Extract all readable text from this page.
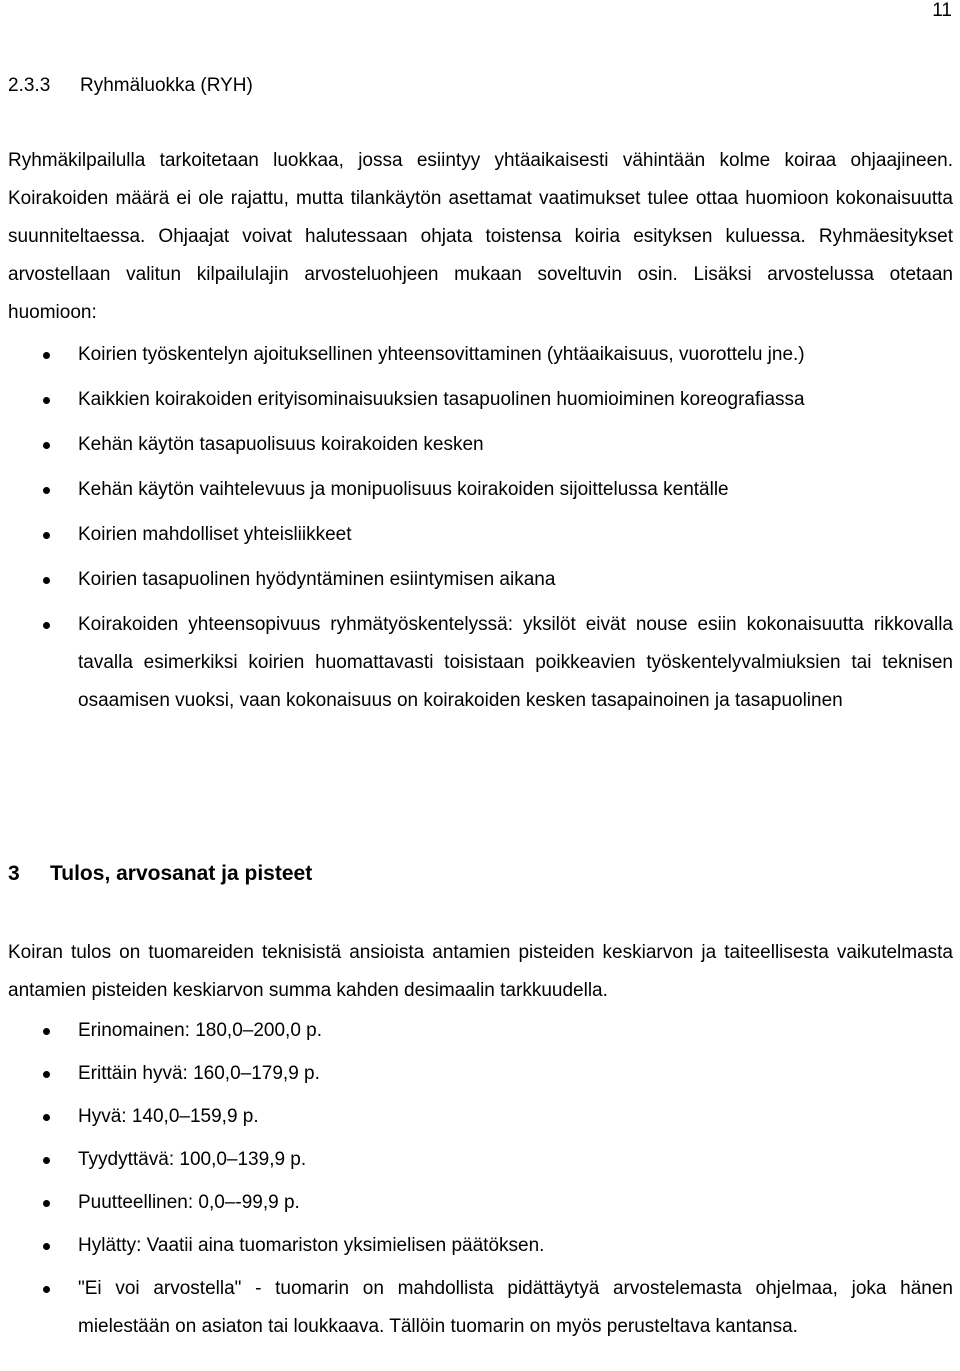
11
2.3.3 Ryhmäluokka (RYH)
Ryhmäkilpailulla tarkoitetaan luokkaa, jossa esiintyy yhtäaikaisesti vähintään kolme koiraa ohjaajineen. Koirakoiden määrä ei ole rajattu, mutta tilankäytön asettamat vaatimukset tulee ottaa huomioon kokonaisuutta suunniteltaessa. Ohjaajat voivat halutessaan ohjata toistensa koiria esityksen kuluessa. Ryhmäesitykset arvostellaan valitun kilpailulajin arvosteluohjeen mukaan soveltuvin osin. Lisäksi arvostelussa otetaan huomioon:
Koirien työskentelyn ajoituksellinen yhteensovittaminen (yhtäaikaisuus, vuorottelu jne.)
Kaikkien koirakoiden erityisominaisuuksien tasapuolinen huomioiminen koreografiassa
Kehän käytön tasapuolisuus koirakoiden kesken
Kehän käytön vaihtelevuus ja monipuolisuus koirakoiden sijoittelussa kentälle
Koirien mahdolliset yhteisliikkeet
Koirien tasapuolinen hyödyntäminen esiintymisen aikana
Koirakoiden yhteensopivuus ryhmätyöskentelyssä: yksilöt eivät nouse esiin kokonaisuutta rikkovalla tavalla esimerkiksi koirien huomattavasti toisistaan poikkeavien työskentelyvalmiuksien tai teknisen osaamisen vuoksi, vaan kokonaisuus on koirakoiden kesken tasapainoinen ja tasapuolinen
3 Tulos, arvosanat ja pisteet
Koiran tulos on tuomareiden teknisistä ansioista antamien pisteiden keskiarvon ja taiteellisesta vaikutelmasta antamien pisteiden keskiarvon summa kahden desimaalin tarkkuudella.
Erinomainen: 180,0–200,0 p.
Erittäin hyvä: 160,0–179,9 p.
Hyvä: 140,0–159,9 p.
Tyydyttävä: 100,0–139,9 p.
Puutteellinen: 0,0–-99,9 p.
Hylätty: Vaatii aina tuomariston yksimielisen päätöksen.
"Ei voi arvostella" - tuomarin on mahdollista pidättäytyä arvostelemasta ohjelmaa, joka hänen mielestään on asiaton tai loukkaava. Tällöin tuomarin on myös perusteltava kantansa.
